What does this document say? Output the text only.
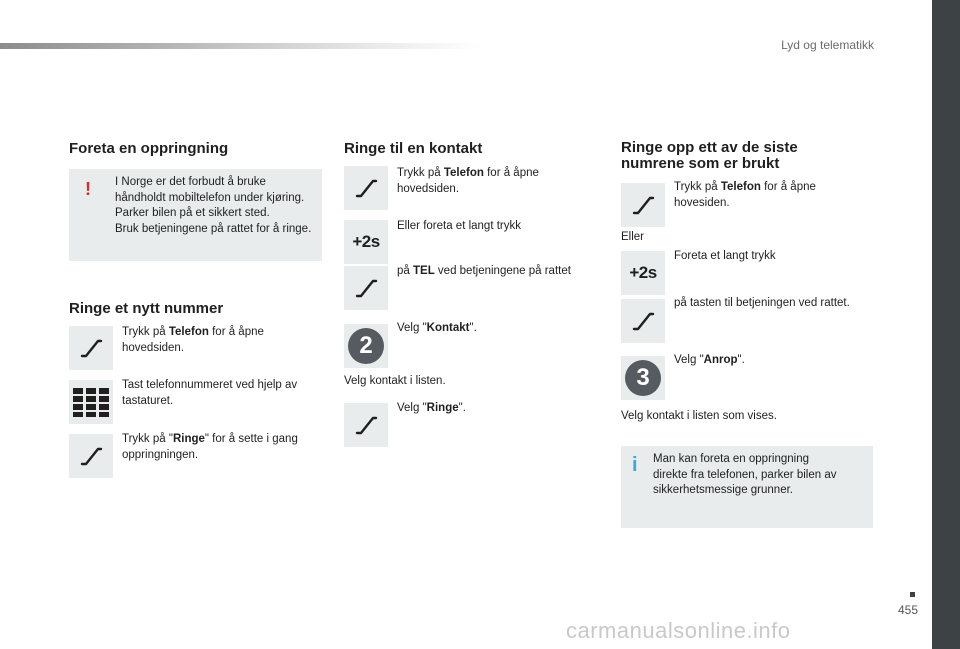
Lyd og telematikk
455
carmanualsonline.info
Foreta en oppringning
! I Norge er det forbudt å bruke
håndholdt mobiltelefon under kjøring.
Parker bilen på et sikkert sted.
Bruk betjeningene på rattet for å ringe.
Ringe et nytt nummer
Trykk på Telefon for å åpne
hovedsiden.
Tast telefonnummeret ved hjelp av
tastaturet.
Trykk på "Ringe" for å sette i gang
oppringningen.
Ringe til en kontakt
Trykk på Telefon for å åpne
hovedsiden.
+2s
Eller foreta et langt trykk
på TEL ved betjeningene på rattet
2
Velg "Kontakt".
Velg kontakt i listen.
Velg "Ringe".
Ringe opp ett av de siste
numrene som er brukt
Trykk på Telefon for å åpne
hovesiden.
Eller
+2s
Foreta et langt trykk
på tasten til betjeningen ved rattet.
3
Velg "Anrop".
Velg kontakt i listen som vises.
i Man kan foreta en oppringning
direkte fra telefonen, parker bilen av
sikkerhetsmessige grunner.
